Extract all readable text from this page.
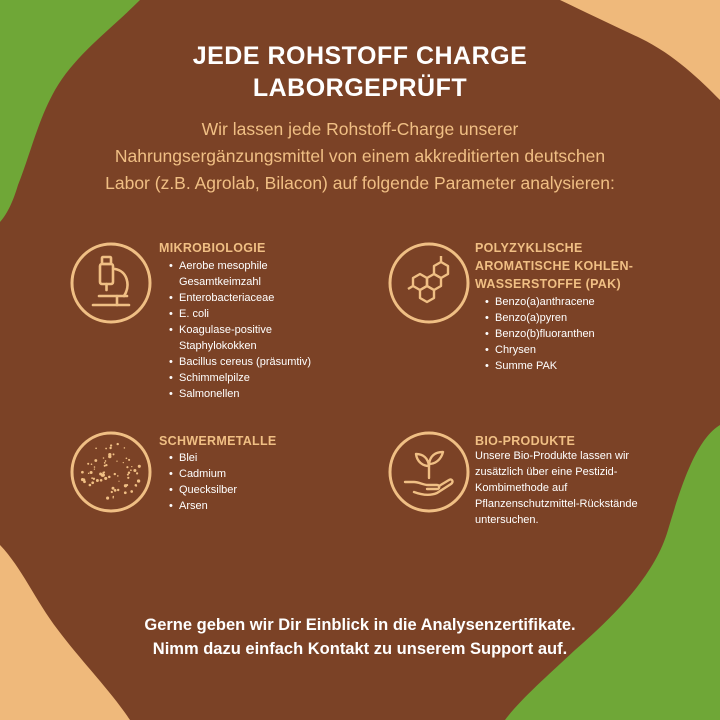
JEDE ROHSTOFF CHARGE
LABORGEPRÜFT
Wir lassen jede Rohstoff-Charge unserer
Nahrungsergänzungsmittel von einem akkreditierten deutschen
Labor (z.B. Agrolab, Bilacon) auf folgende Parameter analysieren:
MIKROBIOLOGIE
• Aerobe mesophile
Gesamtkeimzahl
• Enterobacteriaceae
• E. coli
• Koagulase-positive
Staphylokokken
• Bacillus cereus (präsumtiv)
• Schimmelpilze
• Salmonellen
POLYZYKLISCHE
AROMATISCHE KOHLEN-
WASSERSTOFFE (PAK)
• Benzo(a)anthracene
• Benzo(a)pyren
• Benzo(b)fluoranthen
• Chrysen
• Summe PAK
SCHWERMETALLE
• Blei
• Cadmium
• Quecksilber
• Arsen
BIO-PRODUKTE
Unsere Bio-Produkte lassen wir
zusätzlich über eine Pestizid-
Kombimethode auf
Pflanzenschutzmittel-Rückstände
untersuchen.
Gerne geben wir Dir Einblick in die Analysenzertifikate.
Nimm dazu einfach Kontakt zu unserem Support auf.
